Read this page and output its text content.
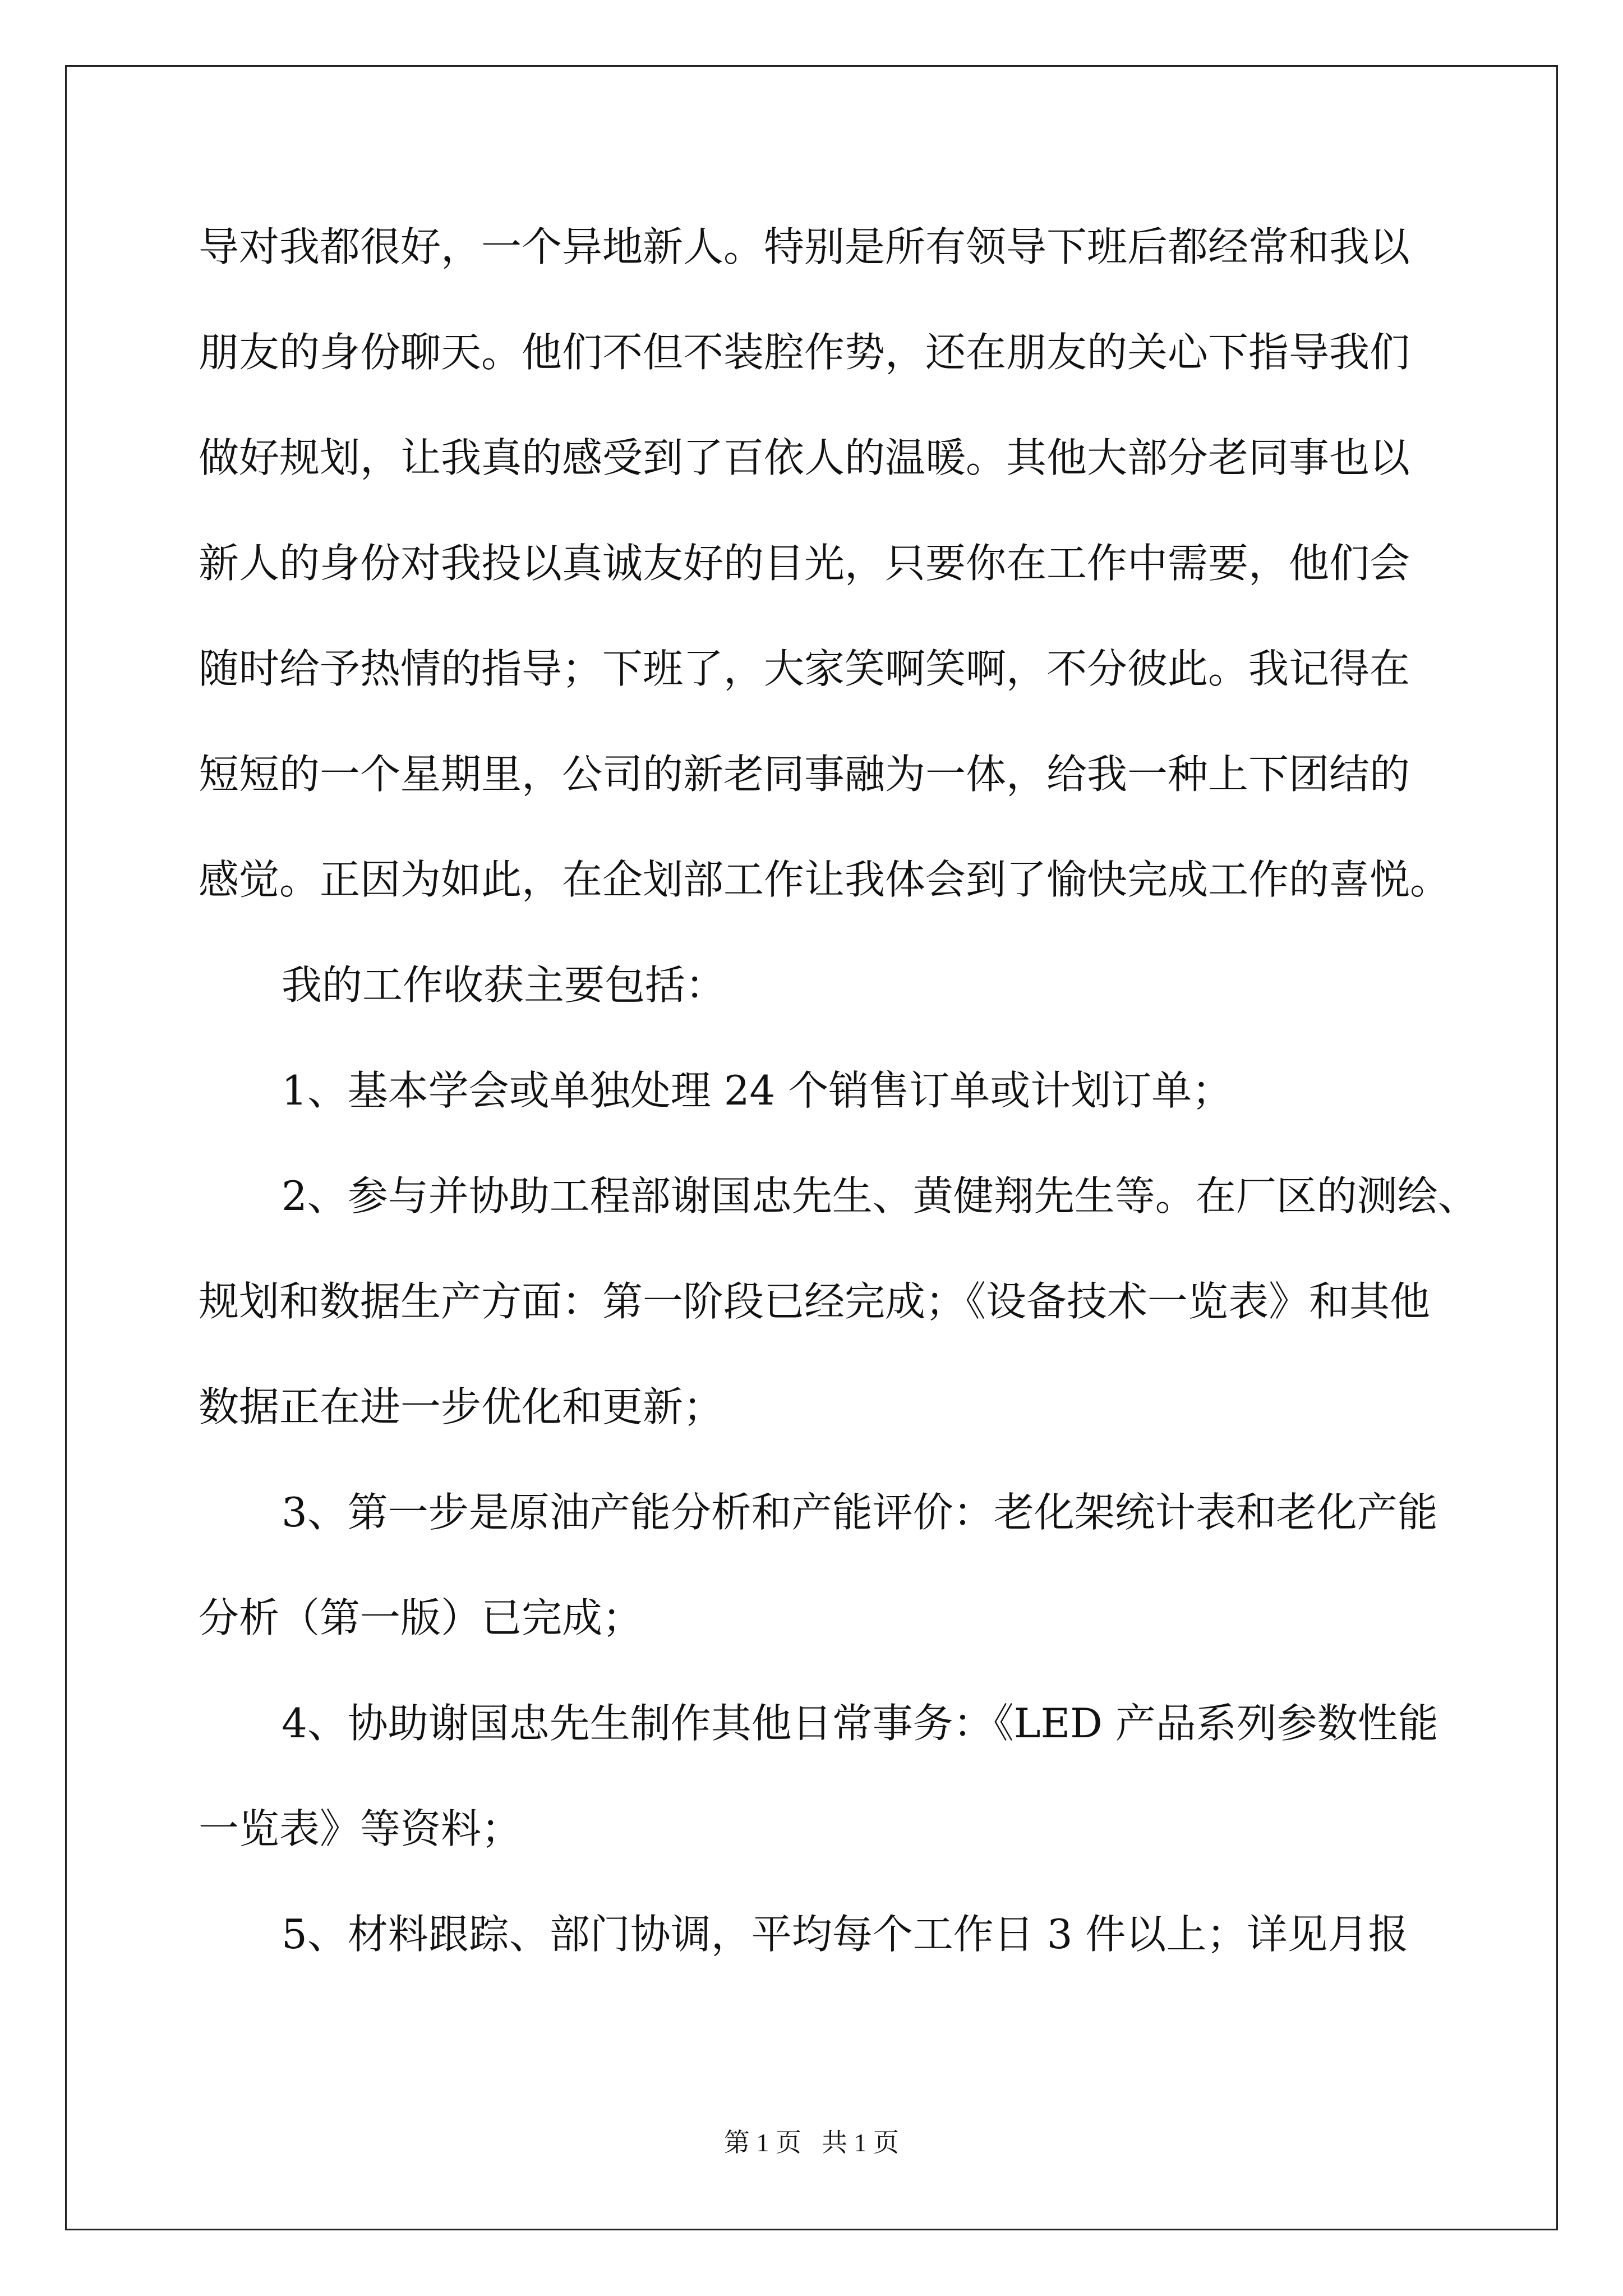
导对我都很好，一个异地新人。特别是所有领导下班后都经常和我以
朋友的身份聊天。他们不但不装腔作势，还在朋友的关心下指导我们
做好规划，让我真的感受到了百依人的温暖。其他大部分老同事也以
新人的身份对我投以真诚友好的目光，只要你在工作中需要，他们会
随时给予热情的指导；下班了，大家笑啊笑啊，不分彼此。我记得在
短短的一个星期里，公司的新老同事融为一体，给我一种上下团结的
感觉。正因为如此，在企划部工作让我体会到了愉快完成工作的喜悦。
我的工作收获主要包括：
1、基本学会或单独处理 24 个销售订单或计划订单；
2、参与并协助工程部谢国忠先生、黄健翔先生等。在厂区的测绘、
规划和数据生产方面：第一阶段已经完成；《设备技术一览表》和其他
数据正在进一步优化和更新；
3、第一步是原油产能分析和产能评价：老化架统计表和老化产能
分析（第一版）已完成；
4、协助谢国忠先生制作其他日常事务：《LED 产品系列参数性能
一览表》等资料；
5、材料跟踪、部门协调，平均每个工作日 3 件以上；详见月报
第 1 页 共 1 页
